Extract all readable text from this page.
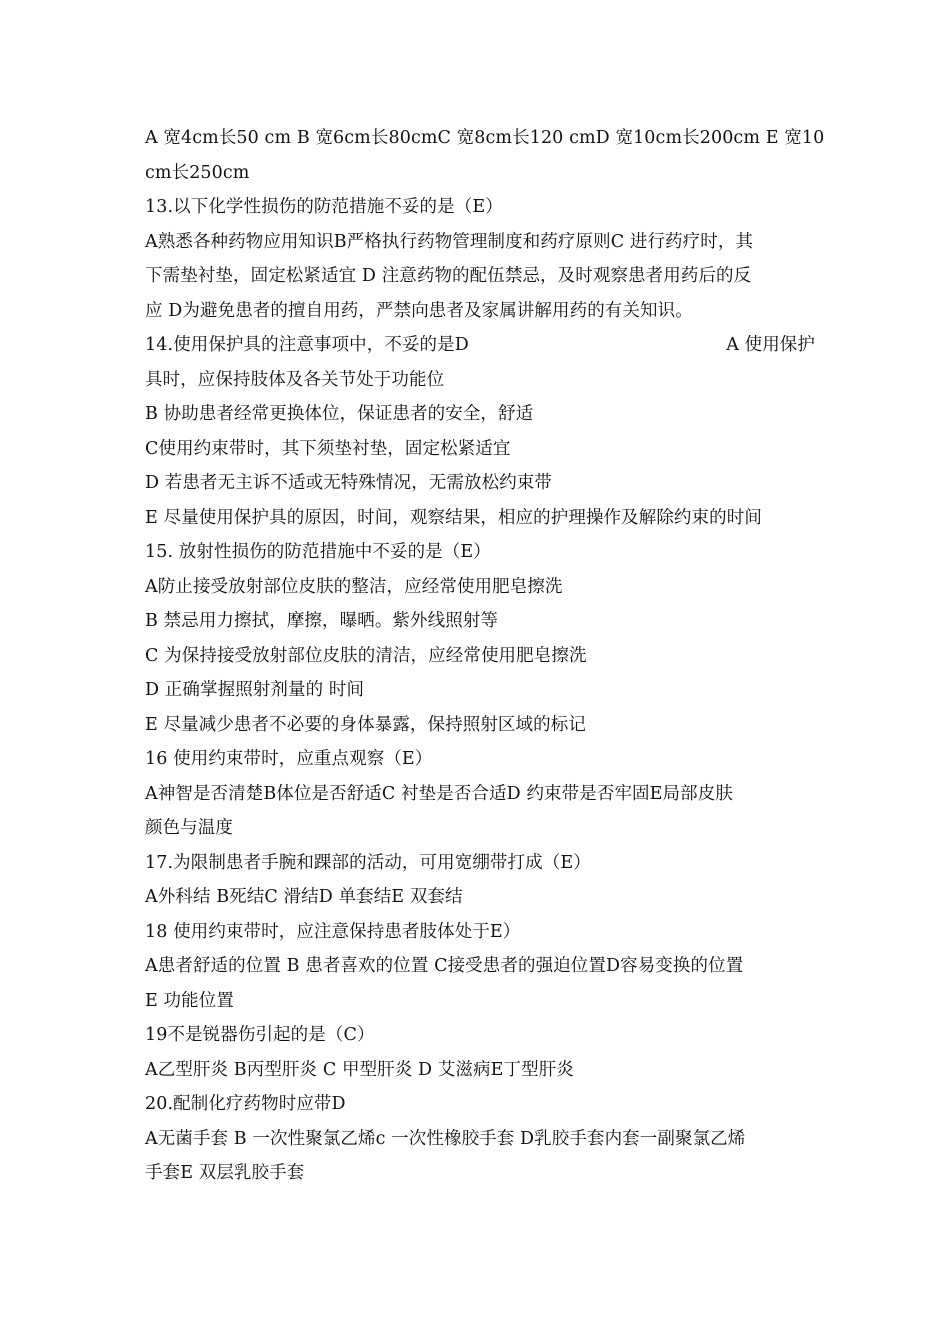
A 宽4cm长50 cm B 宽6cm长80cmC 宽8cm长120 cmD 宽10cm长200cm E 宽10
cm长250cm
13.以下化学性损伤的防范措施不妥的是（E）
A熟悉各种药物应用知识B严格执行药物管理制度和药疗原则C 进行药疗时，其
下需垫衬垫，固定松紧适宜 D 注意药物的配伍禁忌，及时观察患者用药后的反
应 D为避免患者的擅自用药，严禁向患者及家属讲解用药的有关知识。
14.使用保护具的注意事项中，不妥的是D	A 使用保护
具时，应保持肢体及各关节处于功能位
B 协助患者经常更换体位，保证患者的安全，舒适
C使用约束带时，其下须垫衬垫，固定松紧适宜
D 若患者无主诉不适或无特殊情况，无需放松约束带
E 尽量使用保护具的原因，时间，观察结果，相应的护理操作及解除约束的时间
15. 放射性损伤的防范措施中不妥的是（E）
A防止接受放射部位皮肤的整洁，应经常使用肥皂擦洗
B 禁忌用力擦拭，摩擦，曝晒。紫外线照射等
C 为保持接受放射部位皮肤的清洁，应经常使用肥皂擦洗
D 正确掌握照射剂量的 时间
E 尽量减少患者不必要的身体暴露，保持照射区域的标记
16 使用约束带时，应重点观察（E）
A神智是否清楚B体位是否舒适C 衬垫是否合适D 约束带是否牢固E局部皮肤
颜色与温度
17.为限制患者手腕和踝部的活动，可用宽绷带打成（E）
A外科结 B死结C 滑结D 单套结E 双套结
18 使用约束带时，应注意保持患者肢体处于E）
A患者舒适的位置 B 患者喜欢的位置 C接受患者的强迫位置D容易变换的位置
E 功能位置
19不是锐器伤引起的是（C）
A乙型肝炎 B丙型肝炎 C 甲型肝炎 D 艾滋病E丁型肝炎
20.配制化疗药物时应带D
A无菌手套 B 一次性聚氯乙烯c 一次性橡胶手套 D乳胶手套内套一副聚氯乙烯
手套E 双层乳胶手套
